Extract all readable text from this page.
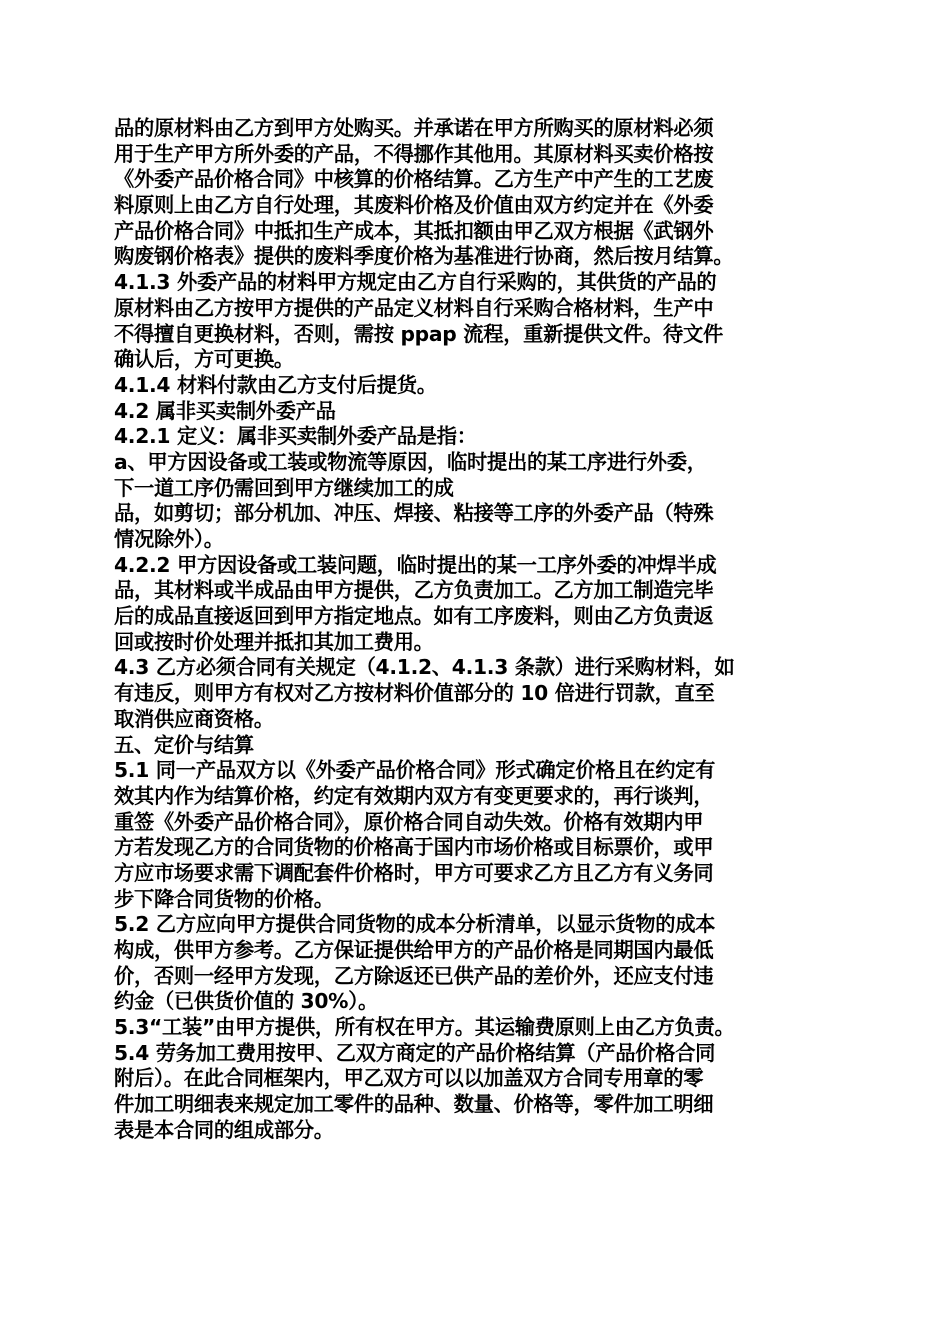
品的原材料由乙方到甲方处购买。并承诺在甲方所购买的原材料必须
用于生产甲方所外委的产品，不得挪作其他用。其原材料买卖价格按
《外委产品价格合同》中核算的价格结算。乙方生产中产生的工艺废
料原则上由乙方自行处理，其废料价格及价值由双方约定并在《外委
产品价格合同》中抵扣生产成本，其抵扣额由甲乙双方根据《武钢外
购废钢价格表》提供的废料季度价格为基准进行协商，然后按月结算。
4.1.3 外委产品的材料甲方规定由乙方自行采购的，其供货的产品的
原材料由乙方按甲方提供的产品定义材料自行采购合格材料，生产中
不得擅自更换材料，否则，需按 ppap 流程，重新提供文件。待文件
确认后，方可更换。
4.1.4 材料付款由乙方支付后提货。
4.2 属非买卖制外委产品
4.2.1 定义：属非买卖制外委产品是指：
a、甲方因设备或工装或物流等原因，临时提出的某工序进行外委，
下一道工序仍需回到甲方继续加工的成
品，如剪切；部分机加、冲压、焊接、粘接等工序的外委产品（特殊
情况除外）。
4.2.2 甲方因设备或工装问题，临时提出的某一工序外委的冲焊半成
品，其材料或半成品由甲方提供，乙方负责加工。乙方加工制造完毕
后的成品直接返回到甲方指定地点。如有工序废料，则由乙方负责返
回或按时价处理并抵扣其加工费用。
4.3 乙方必须合同有关规定（4.1.2、4.1.3 条款）进行采购材料，如
有违反，则甲方有权对乙方按材料价值部分的 10 倍进行罚款，直至
取消供应商资格。
五、定价与结算
5.1 同一产品双方以《外委产品价格合同》形式确定价格且在约定有
效其内作为结算价格，约定有效期内双方有变更要求的，再行谈判，
重签《外委产品价格合同》，原价格合同自动失效。价格有效期内甲
方若发现乙方的合同货物的价格高于国内市场价格或目标票价，或甲
方应市场要求需下调配套件价格时，甲方可要求乙方且乙方有义务同
步下降合同货物的价格。
5.2 乙方应向甲方提供合同货物的成本分析清单，以显示货物的成本
构成，供甲方参考。乙方保证提供给甲方的产品价格是同期国内最低
价，否则一经甲方发现，乙方除返还已供产品的差价外，还应支付违
约金（已供货价值的 30%）。
5.3“工装”由甲方提供，所有权在甲方。其运输费原则上由乙方负责。
5.4 劳务加工费用按甲、乙双方商定的产品价格结算（产品价格合同
附后）。在此合同框架内，甲乙双方可以以加盖双方合同专用章的零
件加工明细表来规定加工零件的品种、数量、价格等，零件加工明细
表是本合同的组成部分。
